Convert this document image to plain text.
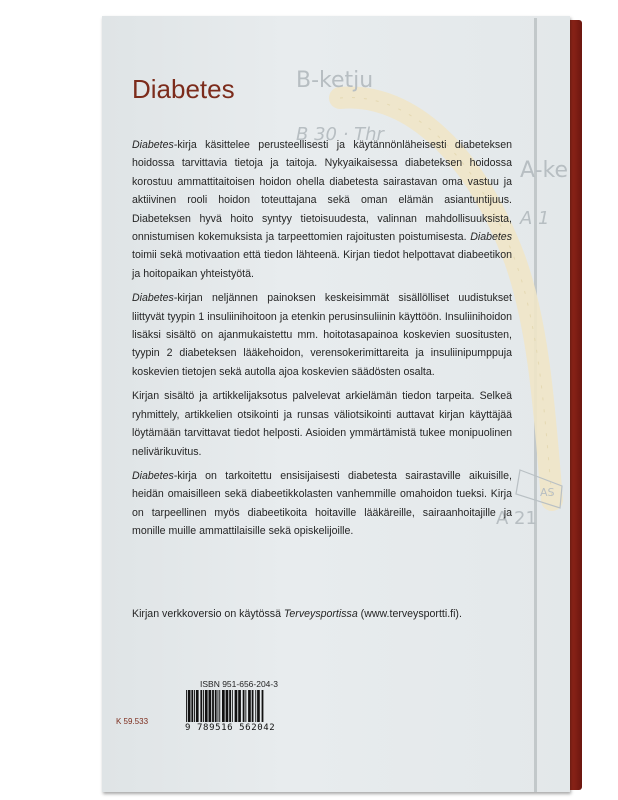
B-ketju
B 30 · Thr
A-ke
A 1
A 21
AS
Diabetes

Diabetes-kirja käsittelee perusteellisesti ja käytännönläheisesti diabeteksen hoidossa tarvittavia tietoja ja taitoja. Nykyaikaisessa diabeteksen hoidossa korostuu ammattitaitoisen hoidon ohella diabetesta sairastavan oma vastuu ja aktiivinen rooli hoidon toteuttajana sekä oman elämän asiantuntijuus. Diabeteksen hyvä hoito syntyy tietoisuudesta, valinnan mahdollisuuksista, onnistumisen kokemuksista ja tarpeettomien rajoitusten poistumisesta. Diabetes toimii sekä motivaation että tiedon lähteenä. Kirjan tiedot helpottavat diabeetikon ja hoitopaikan yhteistyötä.

Diabetes-kirjan neljännen painoksen keskeisimmät sisällölliset uudistukset liittyvät tyypin 1 insuliinihoitoon ja etenkin perusinsuliinin käyttöön. Insuliinihoidon lisäksi sisältö on ajanmukaistettu mm. hoitotasapainoa koskevien suositusten, tyypin 2 diabeteksen lääkehoidon, verensokerimittareita ja insuliinipumppuja koskevien tietojen sekä autolla ajoa koskevien säädösten osalta.

Kirjan sisältö ja artikkelijaksotus palvelevat arkielämän tiedon tarpeita. Selkeä ryhmittely, artikkelien otsikointi ja runsas väliotsikointi auttavat kirjan käyttäjää löytämään tarvittavat tiedot helposti. Asioiden ymmärtämistä tukee monipuolinen nelivärikuvitus.

Diabetes-kirja on tarkoitettu ensisijaisesti diabetesta sairastaville aikuisille, heidän omaisilleen sekä diabeetikkolasten vanhemmille omahoidon tueksi. Kirja on tarpeellinen myös diabeetikoita hoitaville lääkäreille, sairaanhoitajille ja monille muille ammattilaisille sekä opiskelijoille.

Kirjan verkkoversio on käytössä Terveysportissa (www.terveysportti.fi).
ISBN 951-656-204-3
9 789516 562042
K 59.533
